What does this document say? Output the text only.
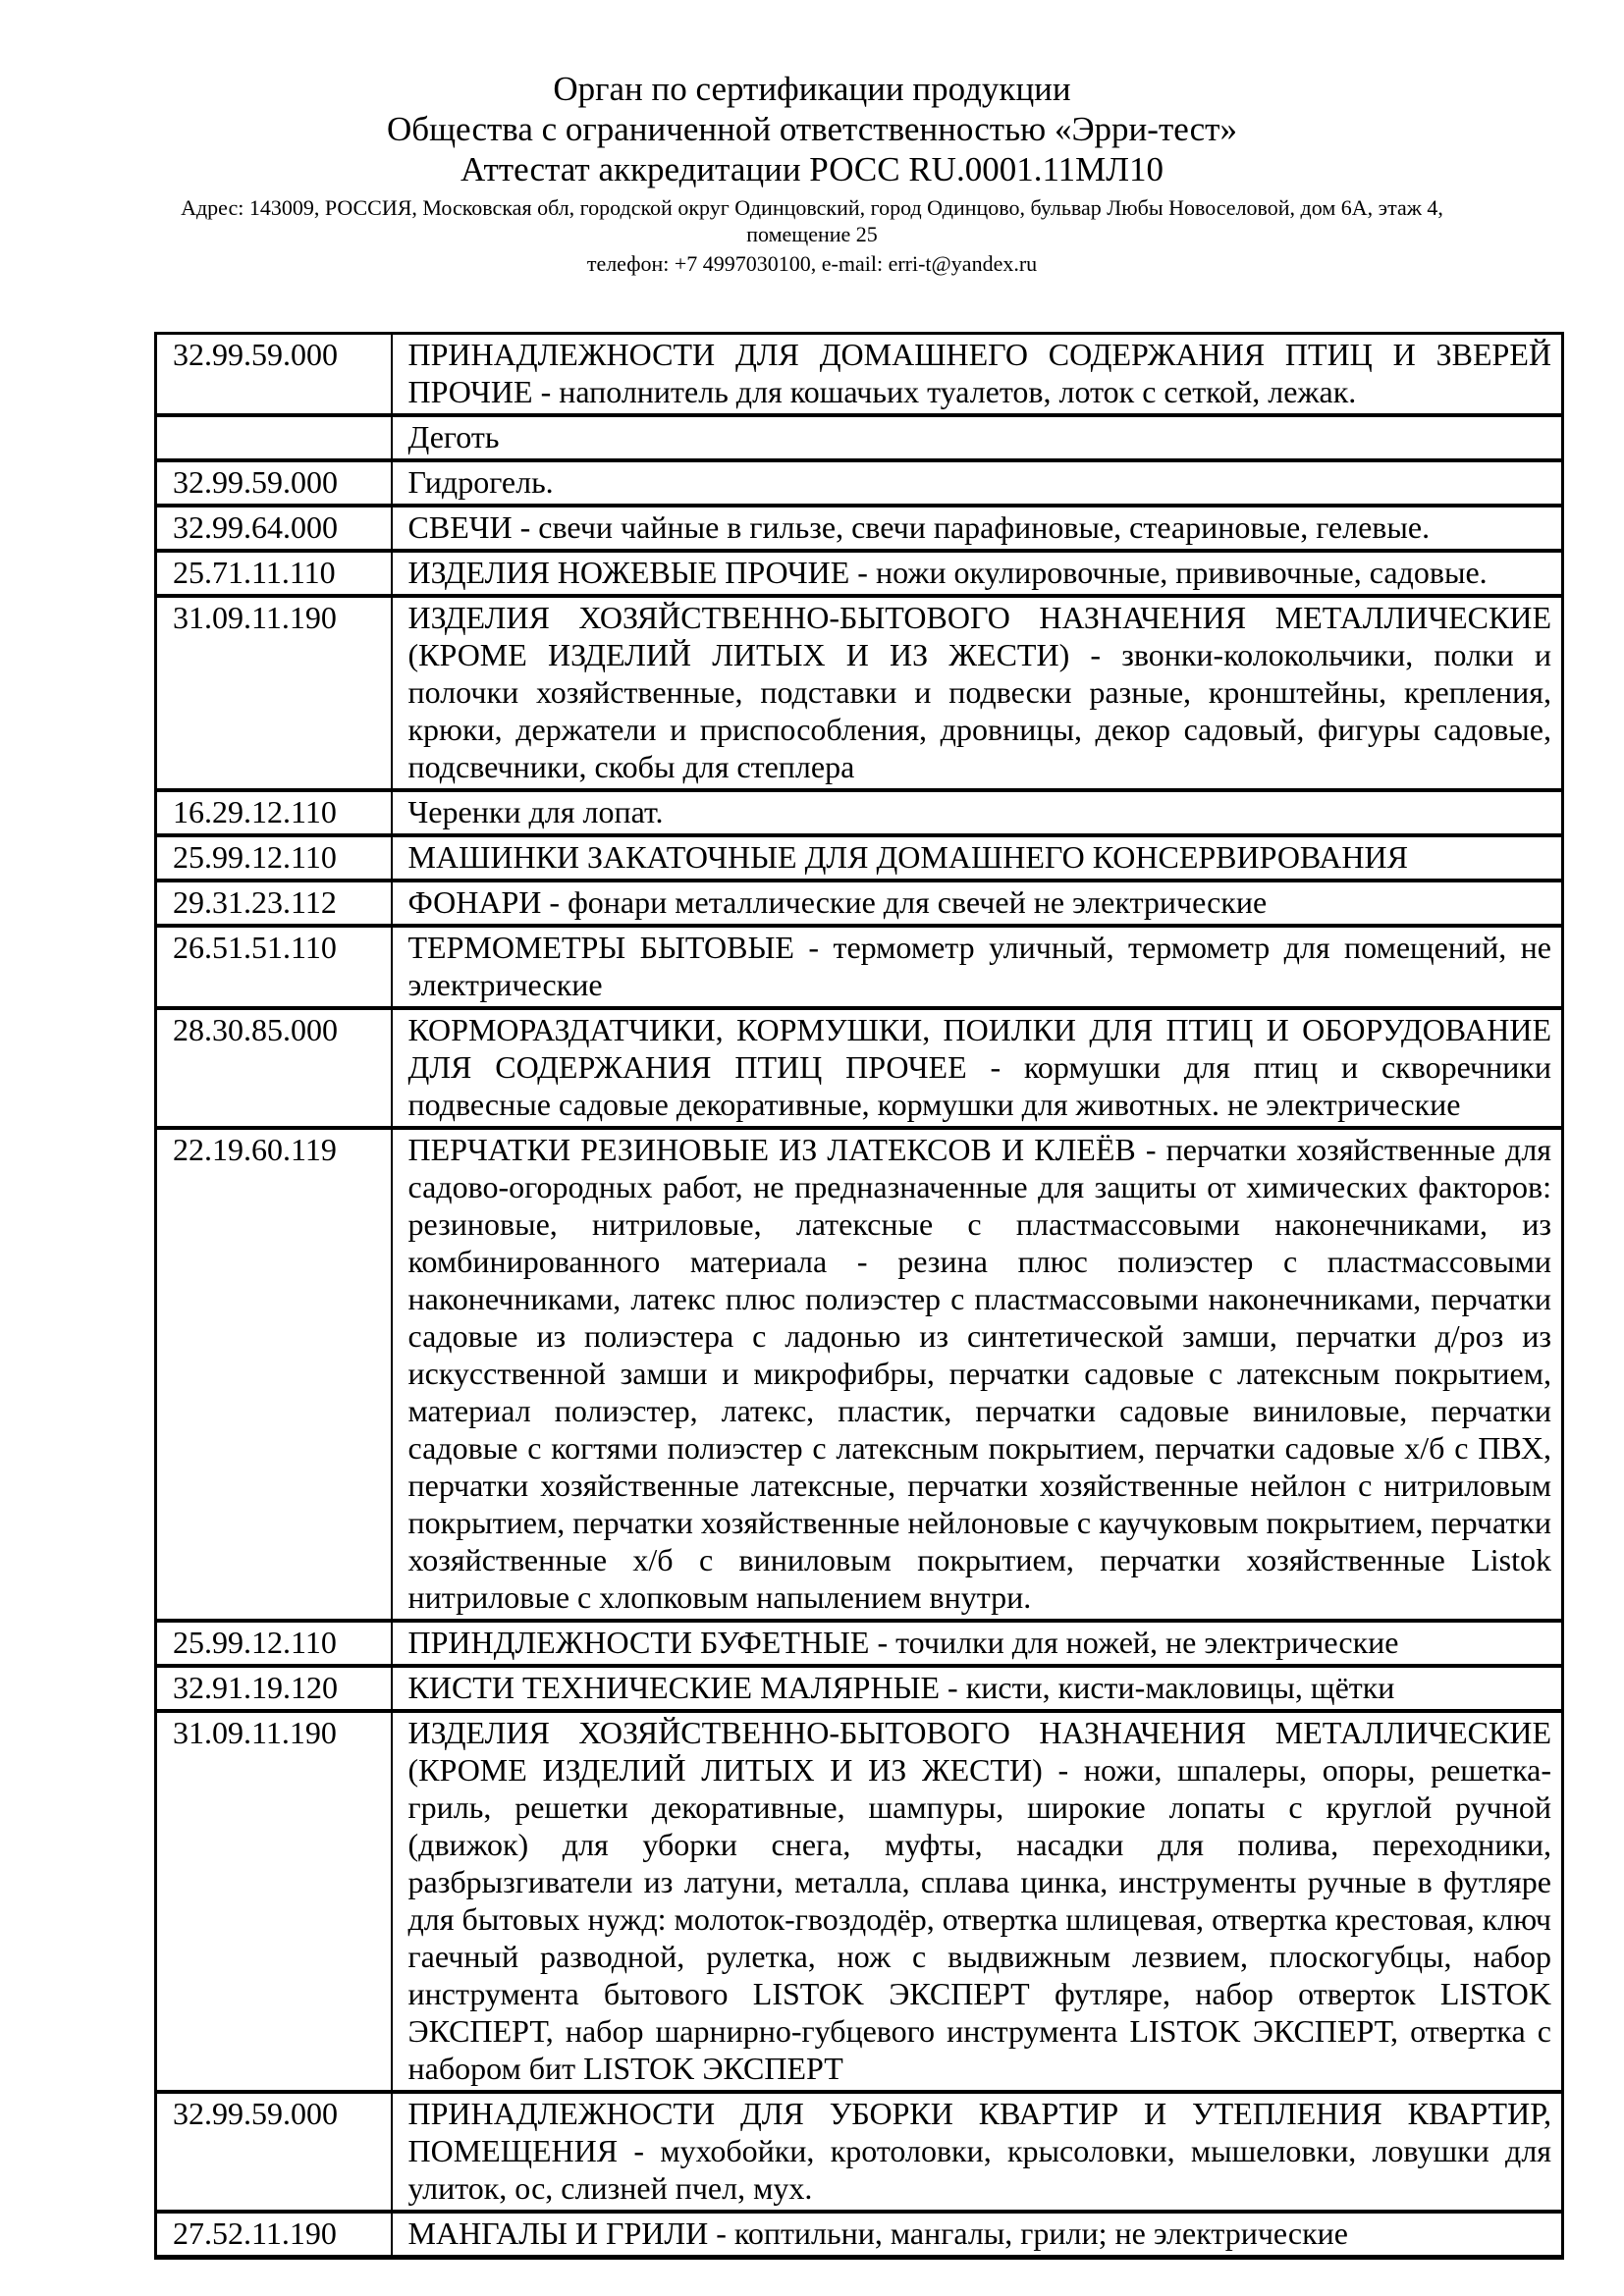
Орган по сертификации продукции
Общества с ограниченной ответственностью «Эрри-тест»
Аттестат аккредитации РОСС RU.0001.11МЛ10
Адрес: 143009, РОССИЯ, Московская обл, городской округ Одинцовский, город Одинцово, бульвар Любы Новоселовой, дом 6А, этаж 4, помещение 25
телефон: +7 4997030100, e-mail: erri-t@yandex.ru
32.99.59.000	ПРИНАДЛЕЖНОСТИ ДЛЯ ДОМАШНЕГО СОДЕРЖАНИЯ ПТИЦ И ЗВЕРЕЙ ПРОЧИЕ - наполнитель для кошачьих туалетов, лоток с сеткой, лежак.
	Деготь
32.99.59.000	Гидрогель.
32.99.64.000	СВЕЧИ - свечи чайные в гильзе, свечи парафиновые, стеариновые, гелевые.
25.71.11.110	ИЗДЕЛИЯ НОЖЕВЫЕ ПРОЧИЕ - ножи окулировочные, прививочные, садовые.
31.09.11.190	ИЗДЕЛИЯ ХОЗЯЙСТВЕННО-БЫТОВОГО НАЗНАЧЕНИЯ МЕТАЛЛИЧЕСКИЕ (КРОМЕ ИЗДЕЛИЙ ЛИТЫХ И ИЗ ЖЕСТИ) - звонки-колокольчики, полки и полочки хозяйственные, подставки и подвески разные, кронштейны, крепления, крюки, держатели и приспособления, дровницы, декор садовый, фигуры садовые, подсвечники, скобы для степлера
16.29.12.110	Черенки для лопат.
25.99.12.110	МАШИНКИ ЗАКАТОЧНЫЕ ДЛЯ ДОМАШНЕГО КОНСЕРВИРОВАНИЯ
29.31.23.112	ФОНАРИ - фонари металлические для свечей не электрические
26.51.51.110	ТЕРМОМЕТРЫ БЫТОВЫЕ - термометр уличный, термометр для помещений, не электрические
28.30.85.000	КОРМОРАЗДАТЧИКИ, КОРМУШКИ, ПОИЛКИ ДЛЯ ПТИЦ И ОБОРУДОВАНИЕ ДЛЯ СОДЕРЖАНИЯ ПТИЦ ПРОЧЕЕ - кормушки для птиц и скворечники подвесные садовые декоративные, кормушки для животных. не электрические
22.19.60.119	ПЕРЧАТКИ РЕЗИНОВЫЕ ИЗ ЛАТЕКСОВ И КЛЕЁВ - перчатки хозяйственные для садово-огородных работ, не предназначенные для защиты от химических факторов: резиновые, нитриловые, латексные с пластмассовыми наконечниками, из комбинированного материала - резина плюс полиэстер с пластмассовыми наконечниками, латекс плюс полиэстер с пластмассовыми наконечниками, перчатки садовые из полиэстера с ладонью из синтетической замши, перчатки д/роз из искусственной замши и микрофибры, перчатки садовые с латексным покрытием, материал полиэстер, латекс, пластик, перчатки садовые виниловые, перчатки садовые с когтями полиэстер с латексным покрытием, перчатки садовые х/б с ПВХ, перчатки хозяйственные латексные, перчатки хозяйственные нейлон с нитриловым покрытием, перчатки хозяйственные нейлоновые с каучуковым покрытием, перчатки хозяйственные х/б с виниловым покрытием, перчатки хозяйственные Listok нитриловые с хлопковым напылением внутри.
25.99.12.110	ПРИНДЛЕЖНОСТИ БУФЕТНЫЕ - точилки для ножей, не электрические
32.91.19.120	КИСТИ ТЕХНИЧЕСКИЕ МАЛЯРНЫЕ - кисти, кисти-макловицы, щётки
31.09.11.190	ИЗДЕЛИЯ ХОЗЯЙСТВЕННО-БЫТОВОГО НАЗНАЧЕНИЯ МЕТАЛЛИЧЕСКИЕ (КРОМЕ ИЗДЕЛИЙ ЛИТЫХ И ИЗ ЖЕСТИ) - ножи, шпалеры, опоры, решетка-гриль, решетки декоративные, шампуры, широкие лопаты с круглой ручной (движок) для уборки снега, муфты, насадки для полива, переходники, разбрызгиватели из латуни, металла, сплава цинка, инструменты ручные в футляре для бытовых нужд: молоток-гвоздодёр, отвертка шлицевая, отвертка крестовая, ключ гаечный разводной, рулетка, нож с выдвижным лезвием, плоскогубцы, набор инструмента бытового LISTOK ЭКСПЕРТ футляре, набор отверток LISTOK ЭКСПЕРТ, набор шарнирно-губцевого инструмента LISTOK ЭКСПЕРТ, отвертка с набором бит LISTOK ЭКСПЕРТ
32.99.59.000	ПРИНАДЛЕЖНОСТИ ДЛЯ УБОРКИ КВАРТИР И УТЕПЛЕНИЯ КВАРТИР, ПОМЕЩЕНИЯ - мухобойки, кротоловки, крысоловки, мышеловки, ловушки для улиток, ос, слизней пчел, мух.
27.52.11.190	МАНГАЛЫ И ГРИЛИ - коптильни, мангалы, грили; не электрические
